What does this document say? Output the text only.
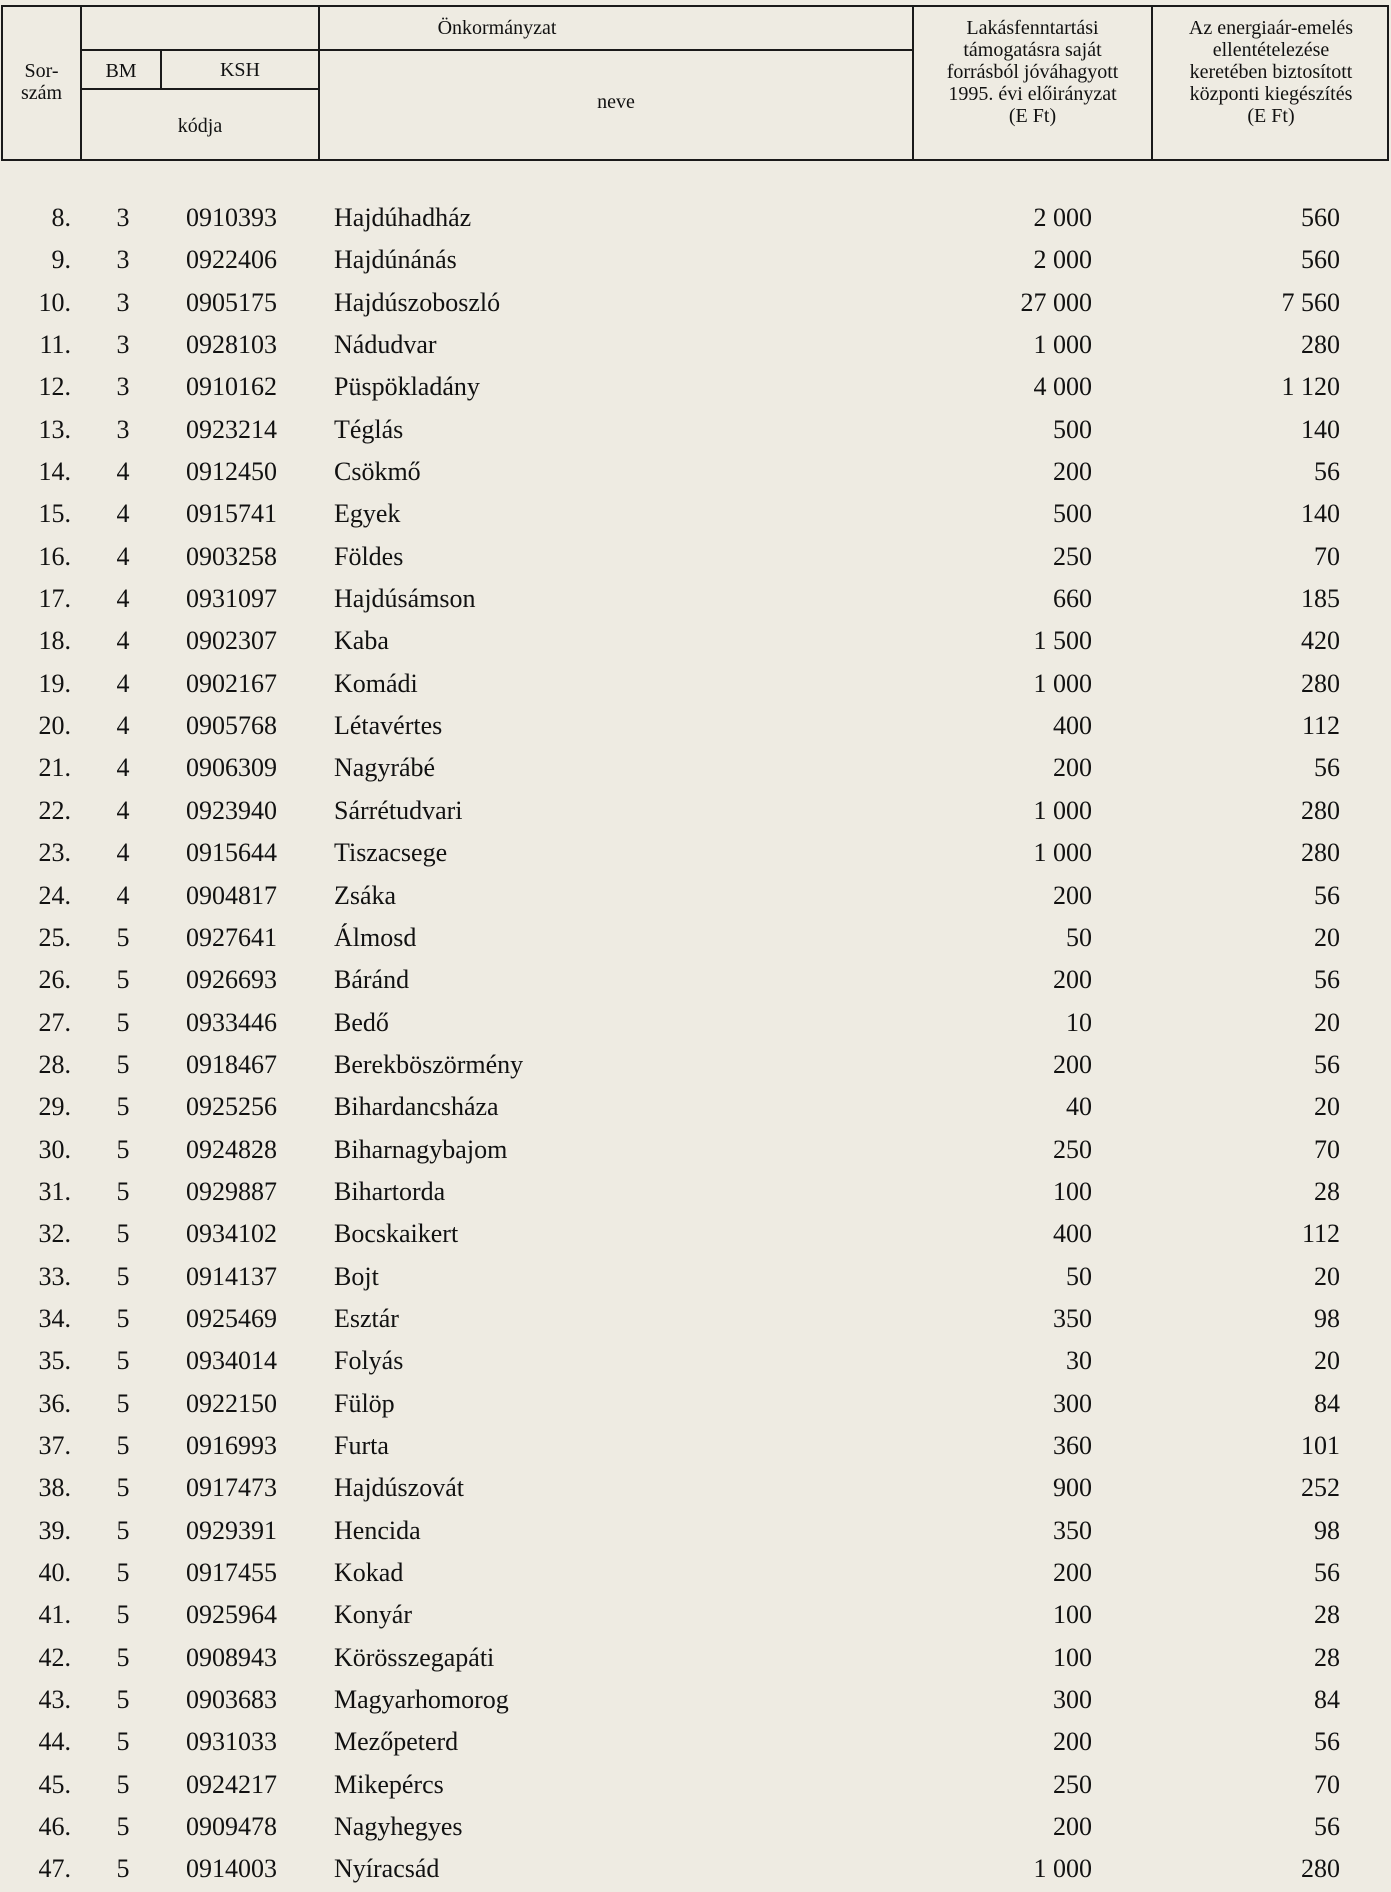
Sor-
szám
Önkormányzat
BM	KSH
kódja
neve
Lakásfenntartási
támogatásra saját
forrásból jóváhagyott
1995. évi előirányzat
(E Ft)
Az energiaár-emelés
ellentételezése
keretében biztosított
központi kiegészítés
(E Ft)
8. 3 0910393 Hajdúhadház	2 000	560
9. 3 0922406 Hajdúnánás	2 000	560
10. 3 0905175 Hajdúszoboszló	27 000	7 560
11. 3 0928103 Nádudvar	1 000	280
12. 3 0910162 Püspökladány	4 000	1 120
13. 3 0923214 Téglás	500	140
14. 4 0912450 Csökmő	200	56
15. 4 0915741 Egyek	500	140
16. 4 0903258 Földes	250	70
17. 4 0931097 Hajdúsámson	660	185
18. 4 0902307 Kaba	1 500	420
19. 4 0902167 Komádi	1 000	280
20. 4 0905768 Létavértes	400	112
21. 4 0906309 Nagyrábé	200	56
22. 4 0923940 Sárrétudvari	1 000	280
23. 4 0915644 Tiszacsege	1 000	280
24. 4 0904817 Zsáka	200	56
25. 5 0927641 Álmosd	50	20
26. 5 0926693 Báránd	200	56
27. 5 0933446 Bedő	10	20
28. 5 0918467 Berekböszörmény	200	56
29. 5 0925256 Bihardancsháza	40	20
30. 5 0924828 Biharnagybajom	250	70
31. 5 0929887 Bihartorda	100	28
32. 5 0934102 Bocskaikert	400	112
33. 5 0914137 Bojt	50	20
34. 5 0925469 Esztár	350	98
35. 5 0934014 Folyás	30	20
36. 5 0922150 Fülöp	300	84
37. 5 0916993 Furta	360	101
38. 5 0917473 Hajdúszovát	900	252
39. 5 0929391 Hencida	350	98
40. 5 0917455 Kokad	200	56
41. 5 0925964 Konyár	100	28
42. 5 0908943 Körösszegapáti	100	28
43. 5 0903683 Magyarhomorog	300	84
44. 5 0931033 Mezőpeterd	200	56
45. 5 0924217 Mikepércs	250	70
46. 5 0909478 Nagyhegyes	200	56
47. 5 0914003 Nyíracsád	1 000	280
